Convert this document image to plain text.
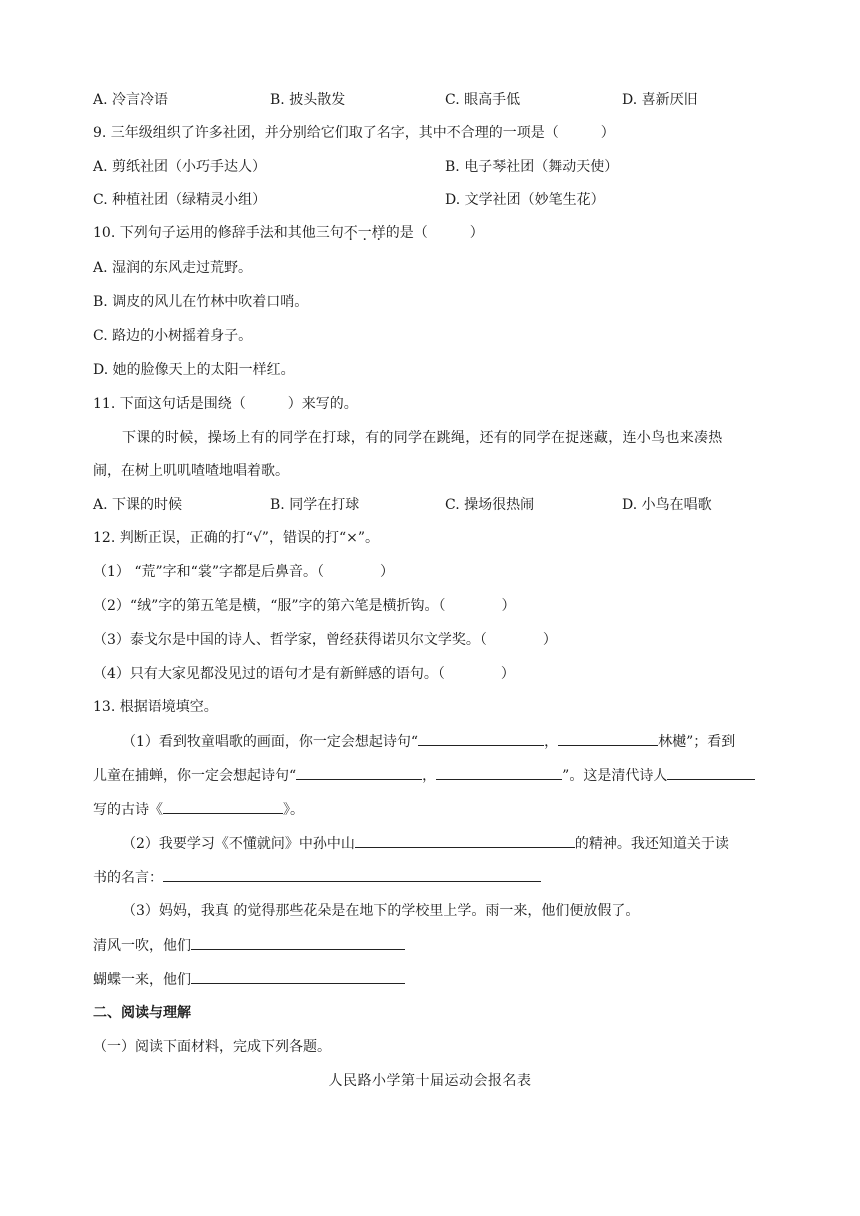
A. 冷言冷语	B. 披头散发	C. 眼高手低	D. 喜新厌旧
9. 三年级组织了许多社团，并分别给它们取了名字，其中不合理的一项是（　　　）
A. 剪纸社团（小巧手达人）	B. 电子琴社团（舞动天使）
C. 种植社团（绿精灵小组）	D. 文学社团（妙笔生花）
10. 下列句子运用的修辞手法和其他三句不一样的是（　　　）
A. 湿润的东风走过荒野。
B. 调皮的风儿在竹林中吹着口哨。
C. 路边的小树摇着身子。
D. 她的脸像天上的太阳一样红。
11. 下面这句话是围绕（　　　）来写的。
下课的时候，操场上有的同学在打球，有的同学在跳绳，还有的同学在捉迷藏，连小鸟也来凑热
闹，在树上叽叽喳喳地唱着歌。
A. 下课的时候	B. 同学在打球	C. 操场很热闹	D. 小鸟在唱歌
12. 判断正误，正确的打“√”，错误的打“×”。
（1） “荒”字和“裳”字都是后鼻音。（　　　　）
（2）“绒”字的第五笔是横，“服”字的第六笔是横折钩。（　　　　）
（3）泰戈尔是中国的诗人、哲学家，曾经获得诺贝尔文学奖。（　　　　）
（4）只有大家见都没见过的语句才是有新鲜感的语句。（　　　　）
13. 根据语境填空。
（1）看到牧童唱歌的画面，你一定会想起诗句“	，	林樾”；看到
儿童在捕蝉，你一定会想起诗句“	，	”。这是清代诗人
写的古诗《	》。
（2）我要学习《不懂就问》中孙中山	的精神。我还知道关于读
书的名言：
（3）妈妈，我真 的觉得那些花朵是在地下的学校里上学。雨一来，他们便放假了。
清风一吹，他们
蝴蝶一来，他们
二、阅读与理解
（一）阅读下面材料，完成下列各题。
人民路小学第十届运动会报名表
